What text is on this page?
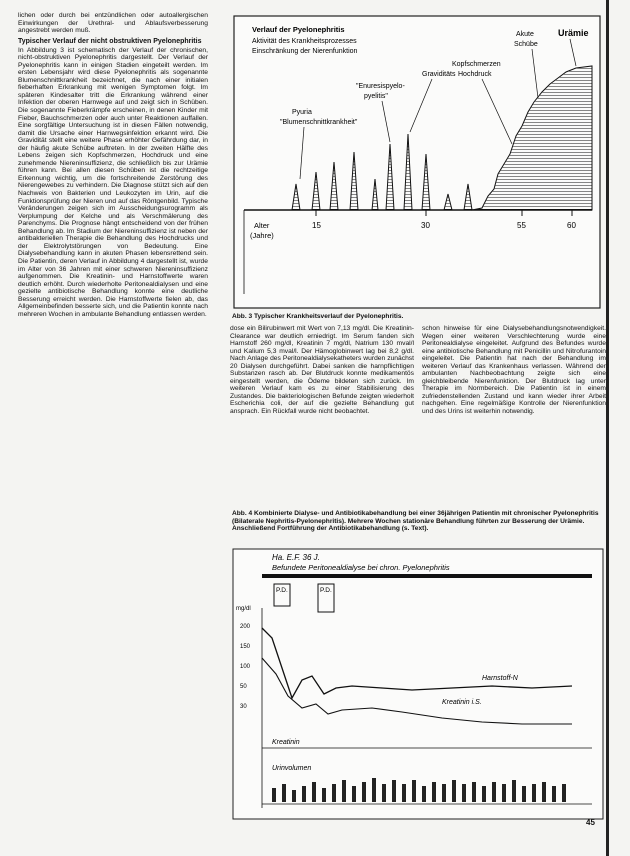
lichen oder durch bei entzündlichen oder autoallergischen Einwirkungen der Urethral- und Ablaufsverbesserung angestrebt werden muß.

Typischer Verlauf der nicht obstruktiven Pyelonephritis

In Abbildung 3 ist schematisch der Verlauf der chronischen, nicht-obstruktiven Pyelonephritis dargestellt. Der Verlauf der Pyelonephritis kann in einigen Stadien eingeteilt werden. Im ersten Lebensjahr wird diese Pyelonephritis als sogenannte Blumenschnittkrankheit bezeichnet, die nach einer initialen fieberhaften Erkrankung mit wenigen Symptomen folgt. Im späteren Kindesalter tritt die Erkrankung während einer Infektion der oberen Harnwege auf und zeigt sich in Schüben. Die sogenannte Fieberkrämpfe erscheinen, in denen Kinder mit Fieber, Bauchschmerzen oder auch unter Reaktionen auffallen. Eine sorgfältige Untersuchung ist in diesen Fällen notwendig, damit die Ursache einer Harnwegsinfektion erkannt wird. Die Gravidität stellt eine weitere Phase erhöhter Gefährdung dar, in der häufig akute Schübe auftreten. In der zweiten Hälfte des Lebens zeigen sich Kopfschmerzen, Hochdruck und eine zunehmende Niereninsuffizienz, die schließlich bis zur Urämie führen kann. Bei allen diesen Schüben ist die rechtzeitige Erkennung wichtig, um die fortschreitende Zerstörung des Nierengewebes zu verhindern. Die Diagnose stützt sich auf den Nachweis von Bakterien und Leukozyten im Urin, auf die Funktionsprüfung der Nieren und auf das Röntgenbild. Typische Veränderungen zeigen sich im Ausscheidungsurogramm als Verplumpung der Kelche und als Verschmälerung des Parenchyms. Die Prognose hängt entscheidend von der frühen Behandlung ab. Im Stadium der Niereninsuffizienz ist neben der antibakteriellen Therapie die Behandlung des Hochdrucks und der Elektrolytstörungen von Bedeutung. Eine Dialysebehandlung kann in akuten Phasen lebensrettend sein. Die Patientin, deren Verlauf in Abbildung 4 dargestellt ist, wurde im Alter von 36 Jahren mit einer schweren Niereninsuffizienz aufgenommen. Die Kreatinin- und Harnstoffwerte waren deutlich erhöht. Durch wiederholte Peritonealdialysen und eine gezielte antibiotische Behandlung konnte eine deutliche Besserung erreicht werden. Die Harnstoffwerte fielen ab, das Allgemeinbefinden besserte sich, und die Patientin konnte nach mehreren Wochen in ambulante Behandlung entlassen werden.

Verlauf der Pyelonephritis
Aktivität des Krankheitsprozesses
Einschränkung der Nierenfunktion
Pyuria
"Blumenschnittkrankheit"
"Enuresispyelo-
pyelitis"
Graviditäts
Kopfschmerzen
Hochdruck
Akute
Schübe
Urämie
Alter
(Jahre)
15	30	55	60

Abb. 3 Typischer Krankheitsverlauf der Pyelonephritis.

dose ein Bilirubinwert mit Wert von 7,13 mg/dl. Die Kreatinin-Clearance war deutlich erniedrigt. Im Serum fanden sich Harnstoff 260 mg/dl, Kreatinin 7 mg/dl, Natrium 130 mval/l und Kalium 5,3 mval/l. Der Hämoglobinwert lag bei 8,2 g/dl. Nach Anlage des Peritonealdialysekatheters wurden zunächst 20 Dialysen durchgeführt. Dabei sanken die harnpflichtigen Substanzen rasch ab. Der Blutdruck konnte medikamentös eingestellt werden, die Ödeme bildeten sich zurück. Im weiteren Verlauf kam es zu einer Stabilisierung des Zustandes. Die bakteriologischen Befunde zeigten wiederholt Escherichia coli, der auf die gezielte Behandlung gut ansprach. Ein Rückfall wurde nicht beobachtet.

schon hinweise für eine Dialysebehandlungsnotwendigkeit. Wegen einer weiteren Verschlechterung wurde eine Peritonealdialyse eingeleitet. Aufgrund des Befundes wurde eine antibiotische Behandlung mit Penicillin und Nitrofurantoin eingeleitet. Die Patientin hat nach der Behandlung im weiteren Verlauf das Krankenhaus verlassen. Während der ambulanten Nachbeobachtung zeigte sich eine gleichbleibende Nierenfunktion. Der Blutdruck lag unter Therapie im Normbereich. Die Patientin ist in einem zufriedenstellenden Zustand und kann wieder ihrer Arbeit nachgehen. Eine regelmäßige Kontrolle der Nierenfunktion und des Urins ist weiterhin notwendig.

Abb. 4 Kombinierte Dialyse- und Antibiotikabehandlung bei einer 36jährigen Patientin mit chronischer Pyelonephritis (Bilaterale Nephritis-Pyelonephritis). Mehrere Wochen stationäre Behandlung führten zur Besserung der Urämie. Anschließend Fortführung der Antibiotikabehandlung (s. Text).

Ha. E.F. 36 J.
Befundete Peritonealdialyse bei chron. Pyelonephritis
P.D.	P.D.
mg/dl
200
150
100
50
30
Harnstoff-N
Kreatinin i.S.
Kreatinin
Urinvolumen
45
